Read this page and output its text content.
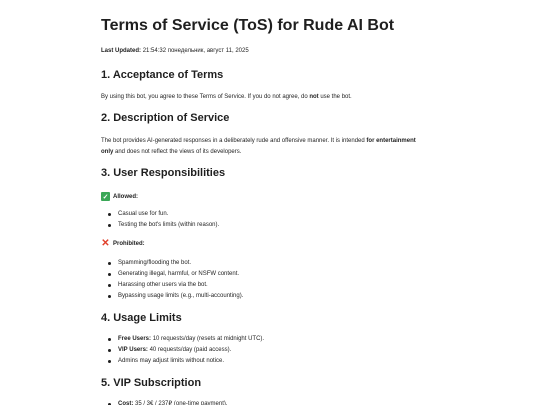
Terms of Service (ToS) for Rude AI Bot
Last Updated: 21:54:32 понедельник, август 11, 2025
1. Acceptance of Terms
By using this bot, you agree to these Terms of Service. If you do not agree, do not use the bot.
2. Description of Service
The bot provides AI-generated responses in a deliberately rude and offensive manner. It is intended for entertainment only and does not reflect the views of its developers.
3. User Responsibilities
✓ Allowed:
Casual use for fun.
Testing the bot's limits (within reason).
✕ Prohibited:
Spamming/flooding the bot.
Generating illegal, harmful, or NSFW content.
Harassing other users via the bot.
Bypassing usage limits (e.g., multi-accounting).
4. Usage Limits
Free Users: 10 requests/day (resets at midnight UTC).
VIP Users: 40 requests/day (paid access).
Admins may adjust limits without notice.
5. VIP Subscription
Cost: 35 / 3€ / 237₽ (one-time payment).
